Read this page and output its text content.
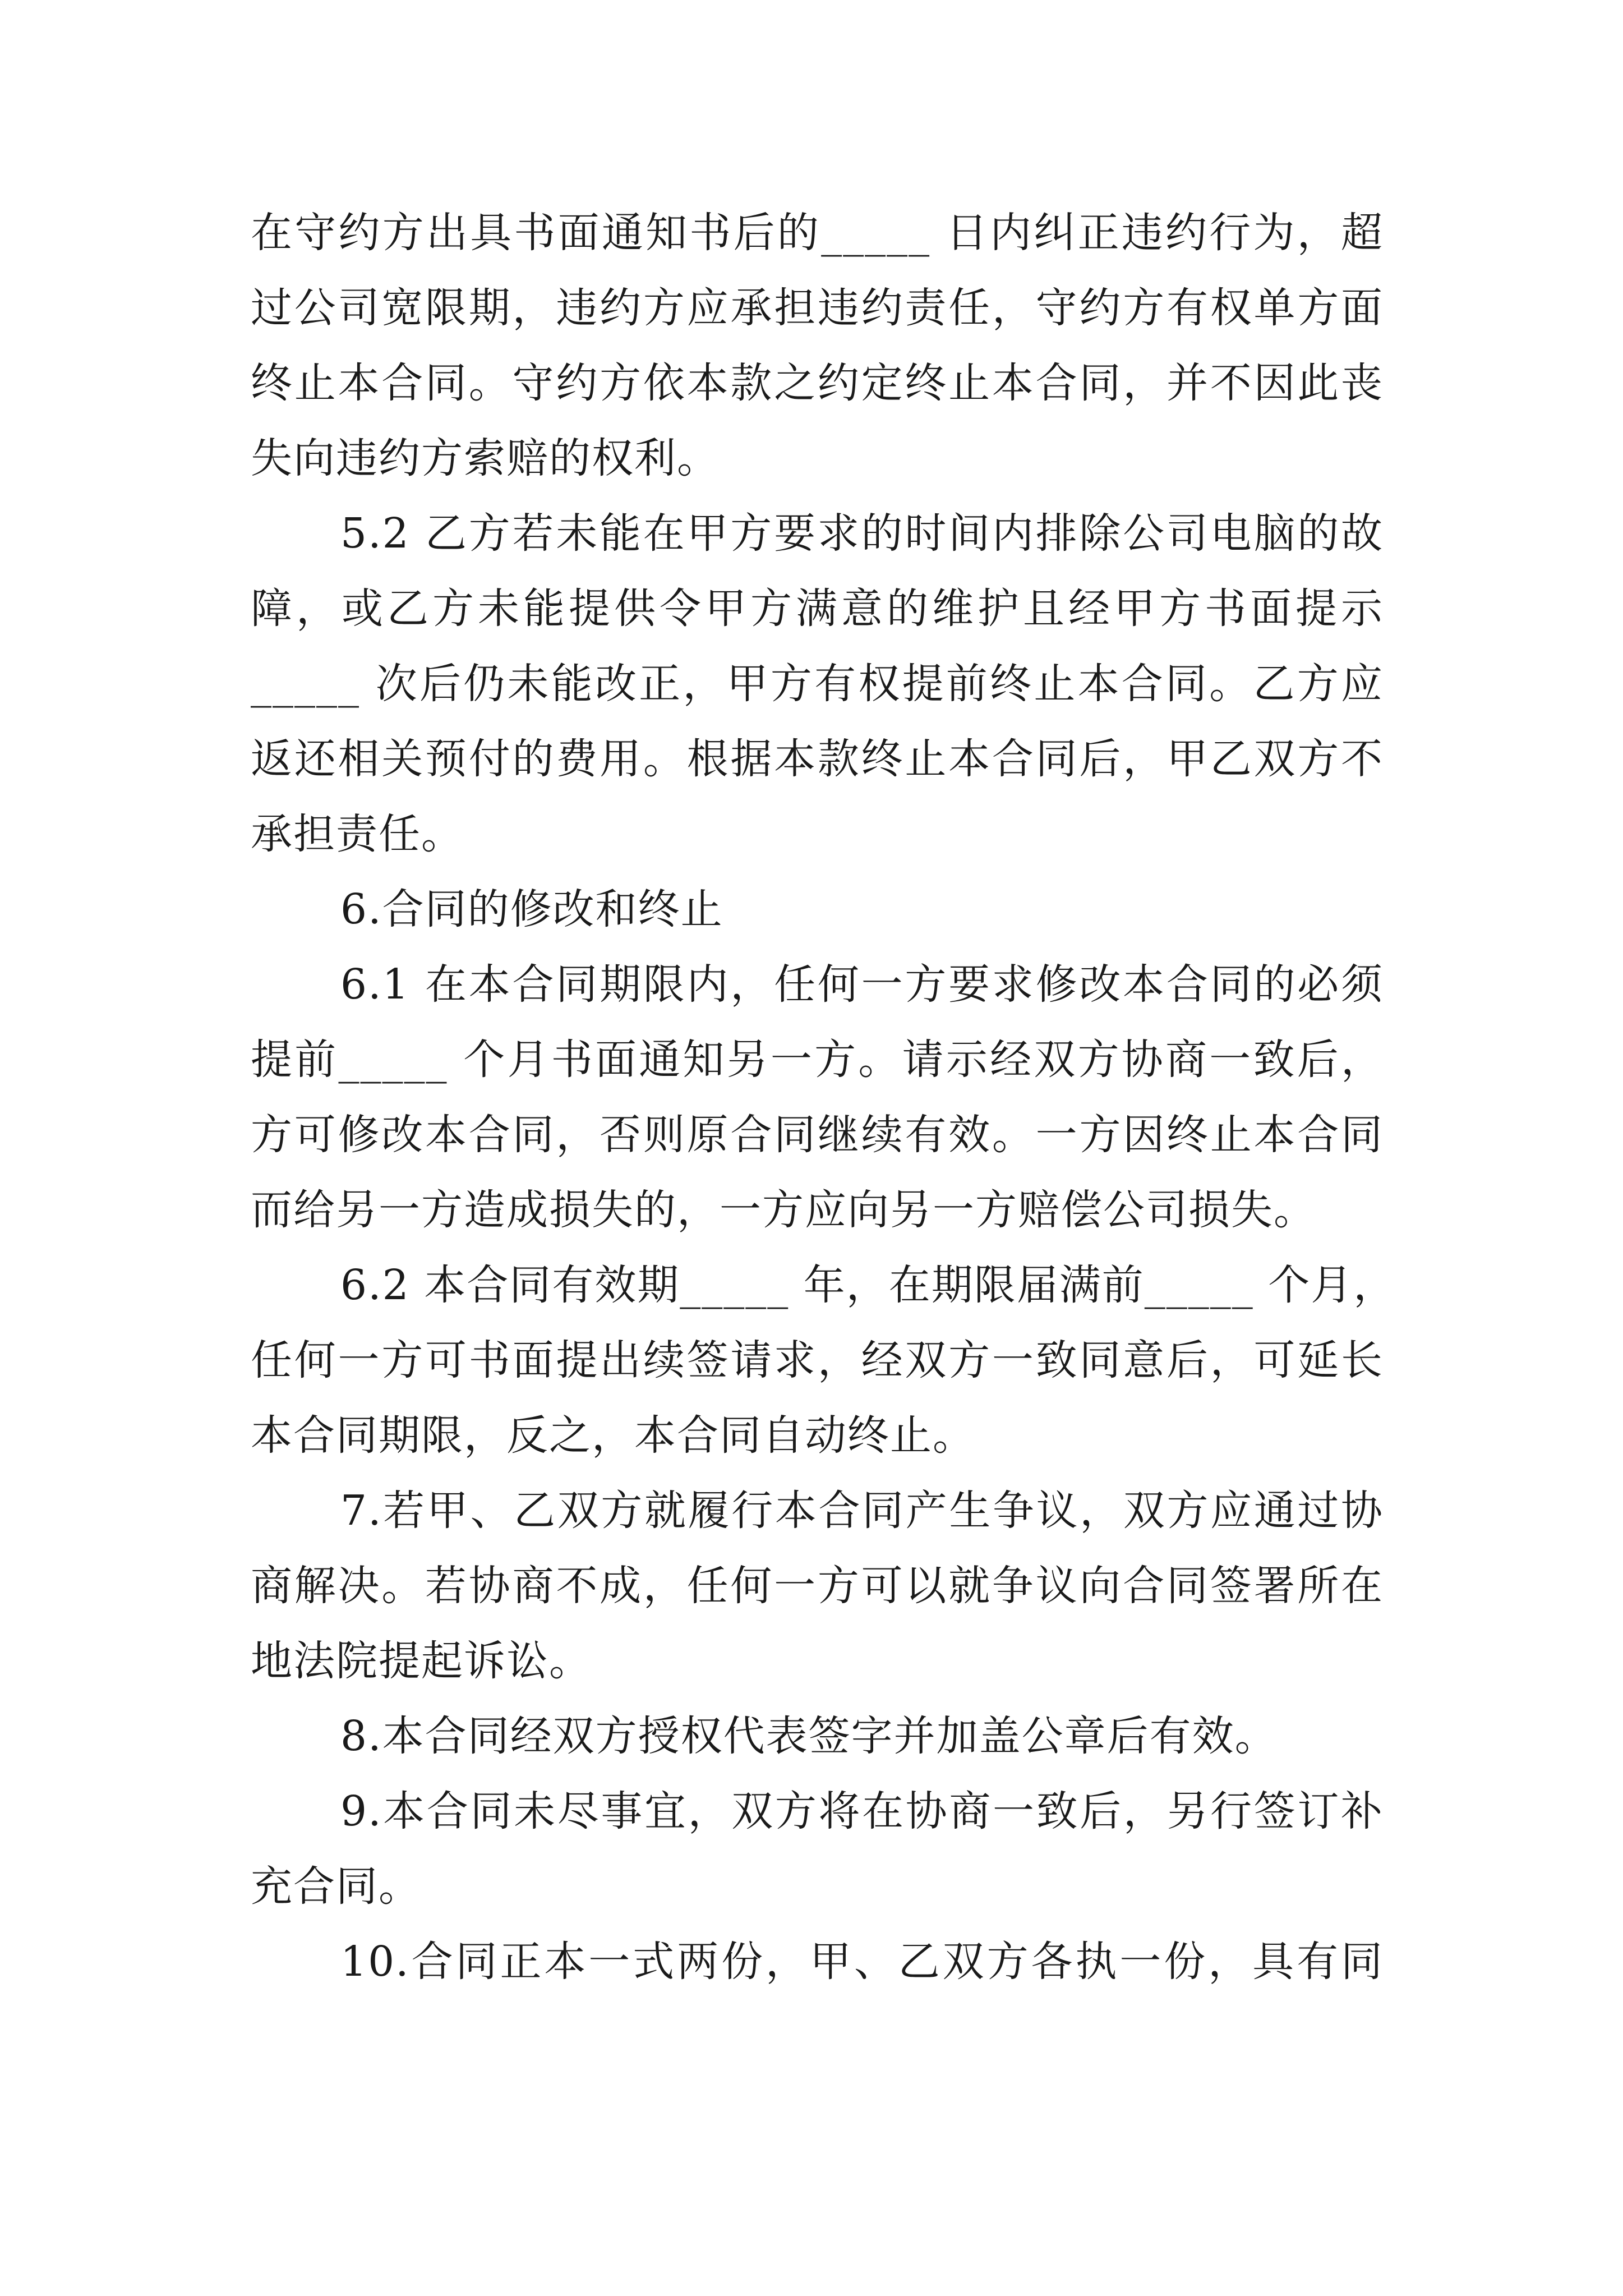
在守约方出具书面通知书后的_____ 日内纠正违约行为，超
过公司宽限期，违约方应承担违约责任，守约方有权单方面
终止本合同。守约方依本款之约定终止本合同，并不因此丧
失向违约方索赔的权利。
5.2 乙方若未能在甲方要求的时间内排除公司电脑的故
障，或乙方未能提供令甲方满意的维护且经甲方书面提示
_____ 次后仍未能改正，甲方有权提前终止本合同。乙方应
返还相关预付的费用。根据本款终止本合同后，甲乙双方不
承担责任。
6.合同的修改和终止
6.1 在本合同期限内，任何一方要求修改本合同的必须
提前_____ 个月书面通知另一方。请示经双方协商一致后，
方可修改本合同，否则原合同继续有效。一方因终止本合同
而给另一方造成损失的，一方应向另一方赔偿公司损失。
6.2 本合同有效期_____ 年，在期限届满前_____ 个月，
任何一方可书面提出续签请求，经双方一致同意后，可延长
本合同期限，反之，本合同自动终止。
7.若甲、乙双方就履行本合同产生争议，双方应通过协
商解决。若协商不成，任何一方可以就争议向合同签署所在
地法院提起诉讼。
8.本合同经双方授权代表签字并加盖公章后有效。
9.本合同未尽事宜，双方将在协商一致后，另行签订补
充合同。
10.合同正本一式两份，甲、乙双方各执一份，具有同
